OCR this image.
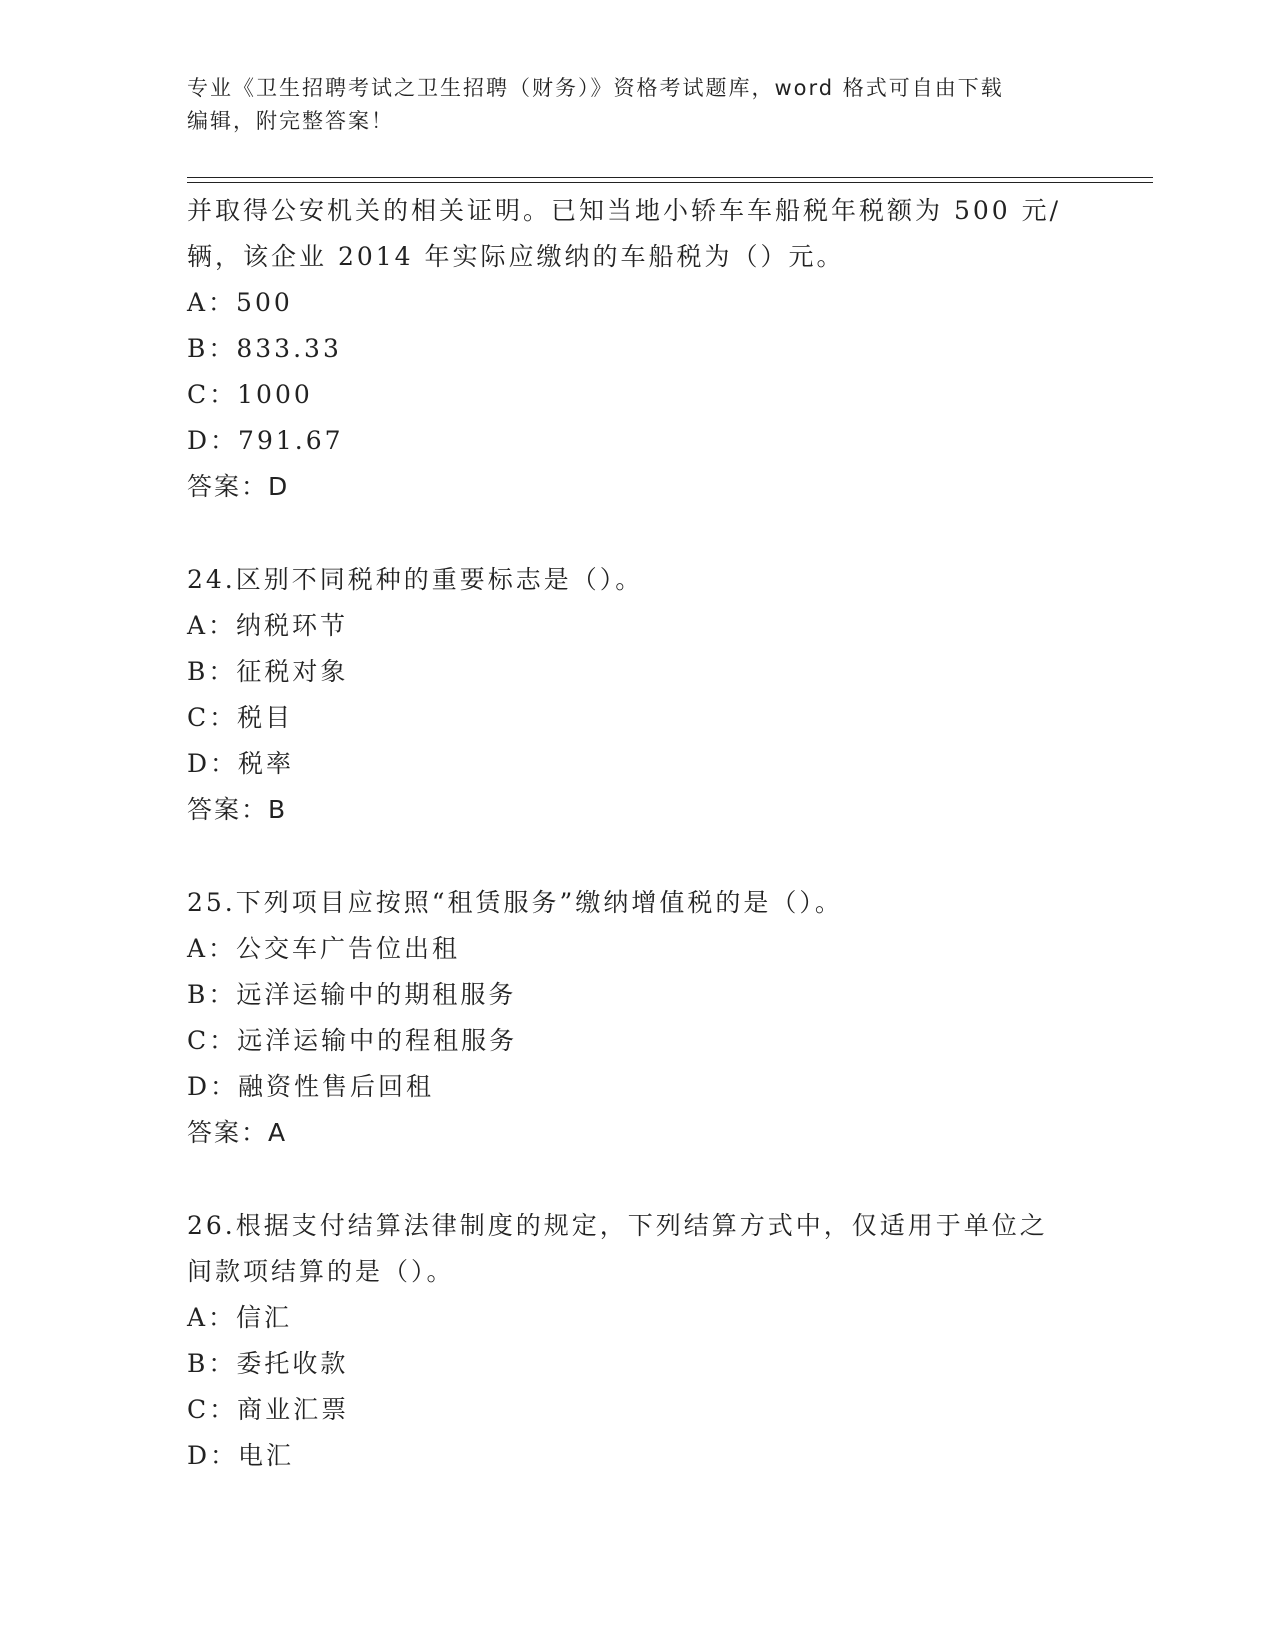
专业《卫生招聘考试之卫生招聘（财务）》资格考试题库，word 格式可自由下载
编辑，附完整答案！
并取得公安机关的相关证明。已知当地小轿车车船税年税额为 500 元/
辆，该企业 2014 年实际应缴纳的车船税为（）元。
A：500
B：833.33
C：1000
D：791.67
答案：D
24.区别不同税种的重要标志是（）。
A：纳税环节
B：征税对象
C：税目
D：税率
答案：B
25.下列项目应按照“租赁服务”缴纳增值税的是（）。
A：公交车广告位出租
B：远洋运输中的期租服务
C：远洋运输中的程租服务
D：融资性售后回租
答案：A
26.根据支付结算法律制度的规定，下列结算方式中，仅适用于单位之
间款项结算的是（）。
A：信汇
B：委托收款
C：商业汇票
D：电汇
